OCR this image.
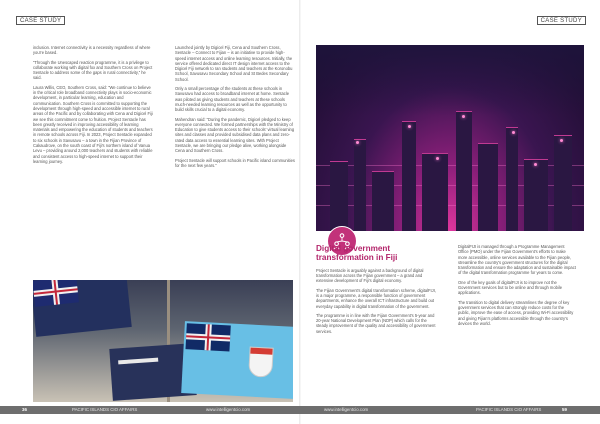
CASE STUDY	CASE STUDY

inclusion. Internet connectivity is a necessity regardless of where you're based.

“Through the Unescaped reaction programme, it is a privilege to collaborate working with digital fox and Southern Cross on Project Sentacle to address some of the gaps in rural connectivity,” he said.

Laura Willis, CEO, Southern Cross, said: “We continue to believe in the critical role broadband connectivity plays in socio-economic development, in particular learning, education and communication. Southern Cross is committed to supporting the development through high-speed and accessible internet to rural areas of the Pacific and by collaborating with Cena and Digicel Fiji we see this commitment come to fruition. Project Sentacle has been greatly received in improving accessibility of learning materials and empowering the education of students and teachers in remote schools across Fiji. In 2023, Project Sentacle expanded to six schools in Savusavu – a town in the Fijian Province of Cakaudrove, on the south coast of Fiji's northern island of Vanua Levu – providing around 2,000 teachers and students with reliable and consistent access to high-speed internet to support their learning journey.

Launched jointly by Digicel Fiji, Cena and Southern Cross, Sentacle – Connect to Fijian – is an initiative to provide high-speed internet access and online learning resources. Initially, the service offered dedicated direct IT design internet access to the Digicel Fiji network to ran students and teachers at the Koronobu School, Savusavu Secondary School and St Bedes Secondary School.

Only a small percentage of the students at these schools in Savusavu had access to broadband internet at home. Sentacle was piloted as giving students and teachers at these schools much-needed learning resources as well as the opportunity to build skills crucial to a digital economy.

Mahendran said: “During the pandemic, Digicel pledged to keep everyone connected. We formed partnerships with the Ministry of Education to give students access to their schools' virtual learning sites and classes and provided subsidised data plans and zero-rated data access to essential learning sites. With Project Sentacle, we are bringing our pledge alive, working alongside Cena and Southern Cross.

Project Sentacle will support schools in Pacific island communities for the next few years.”

Digital government transformation in Fiji

Project Sentacle is arguably against a background of digital transformation across the Fijian government – a grand and extensive development of Fiji's digital economy.

The Fijian Government's digital transformation scheme, digitalFIJI, is a major programme, a responsible function of government departments, enhance the overall ICT infrastructure and build out everyday capability in digital transformation of the government.

The programme is in line with the Fijian Government's 5-year and 20-year National Development Plan (NDP) which calls for the steady improvement of the quality and accessibility of government services.

DigitalFIJI is managed through a Programme Management Office (PMO) under the Fijian Government's efforts to make more accessible, online services available to the Fijian people, streamline the country's government structures for the digital transformation and ensure the adaptation and sustainable impact of the digital transformation programme for years to come.

One of the key goals of digitalFIJI is to improve not the Government services but to be online and through mobile applications.

The transition to digital delivery streamlines the degree of key government services that can strongly reduce costs for the public, improve the ease of access, providing Wi-Fi accessibility and giving Fijian's platforms accessible through the country's devices the world.

36	PACIFIC ISLANDS CIO AFFAIRS	www.intelligentcio.com	www.intelligentcio.com	PACIFIC ISLANDS CIO AFFAIRS	59
